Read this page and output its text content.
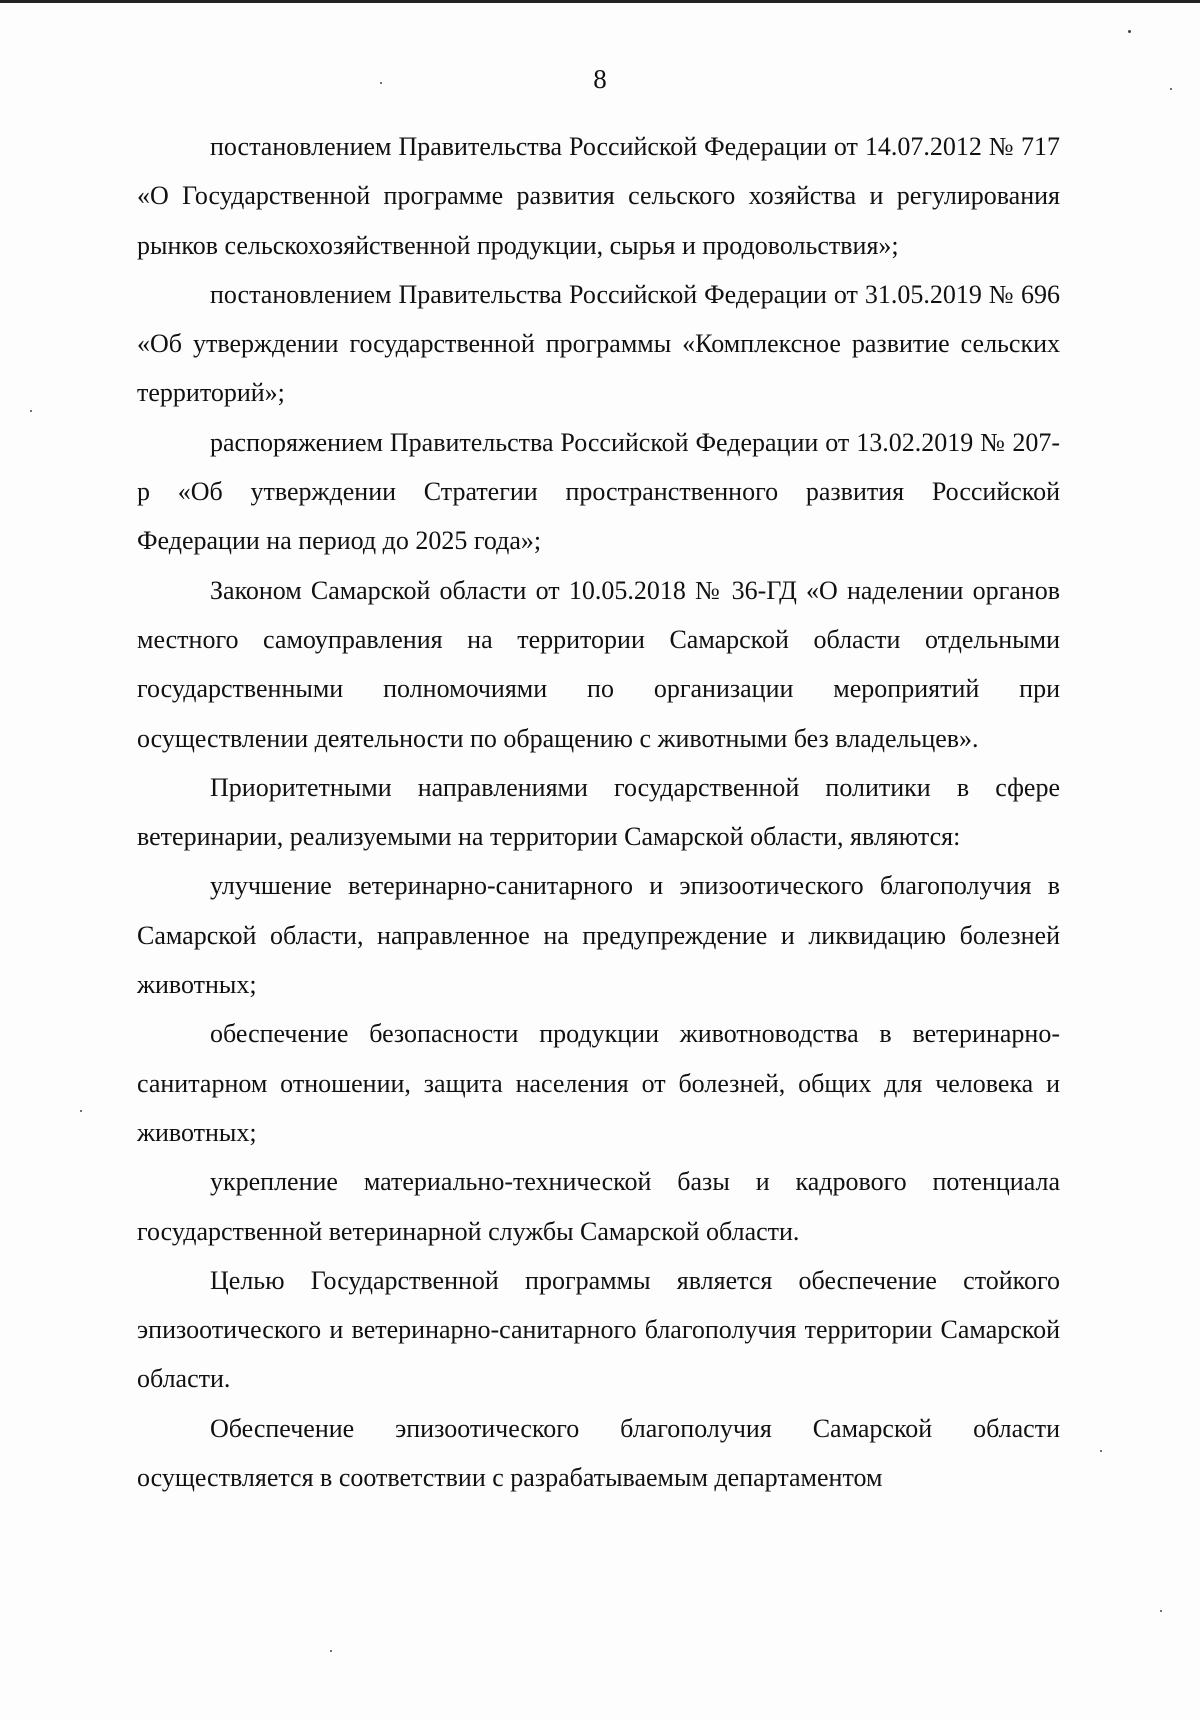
8

постановлением Правительства Российской Федерации от 14.07.2012 № 717 «О Государственной программе развития сельского хозяйства и регулирования рынков сельскохозяйственной продукции, сырья и продовольствия»;

постановлением Правительства Российской Федерации от 31.05.2019 № 696 «Об утверждении государственной программы «Комплексное развитие сельских территорий»;

распоряжением Правительства Российской Федерации от 13.02.2019 № 207-р «Об утверждении Стратегии пространственного развития Российской Федерации на период до 2025 года»;

Законом Самарской области от 10.05.2018 № 36-ГД «О наделении органов местного самоуправления на территории Самарской области отдельными государственными полномочиями по организации мероприятий при осуществлении деятельности по обращению с животными без владельцев».

Приоритетными направлениями государственной политики в сфере ветеринарии, реализуемыми на территории Самарской области, являются:

улучшение ветеринарно-санитарного и эпизоотического благополучия в Самарской области, направленное на предупреждение и ликвидацию болезней животных;

обеспечение безопасности продукции животноводства в ветеринарно-санитарном отношении, защита населения от болезней, общих для человека и животных;

укрепление материально-технической базы и кадрового потенциала государственной ветеринарной службы Самарской области.

Целью Государственной программы является обеспечение стойкого эпизоотического и ветеринарно-санитарного благополучия территории Самарской области.

Обеспечение эпизоотического благополучия Самарской области осуществляется в соответствии с разрабатываемым департаментом
